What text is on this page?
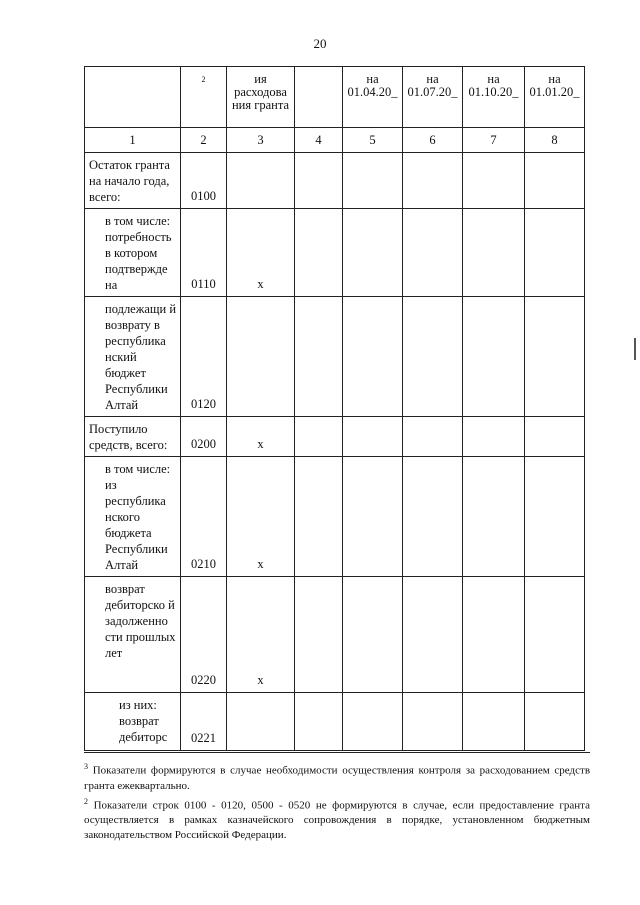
20
	$^2$	ия расходова ния гранта		на 01.04.20_	на 01.07.20_	на 01.10.20_	на 01.01.20_
1	2	3	4	5	6	7	8
Остаток гранта на начало года, всего:	0100						
в том числе: потребность в котором подтвержде на	0110	х					
подлежащи й возврату в республика нский бюджет Республики Алтай	0120						
Поступило средств, всего:	0200	х					
в том числе: из республика нского бюджета Республики Алтай	0210	х					
возврат дебиторско й задолженно сти прошлых лет	0220	х					
из них: возврат дебиторс	0221						

$^3$ Показатели формируются в случае необходимости осуществления контроля за расходованием средств гранта ежеквартально.

$^2$ Показатели строк 0100 - 0120, 0500 - 0520 не формируются в случае, если предоставление гранта осуществляется в рамках казначейского сопровождения в порядке, установленном бюджетным законодательством Российской Федерации.
